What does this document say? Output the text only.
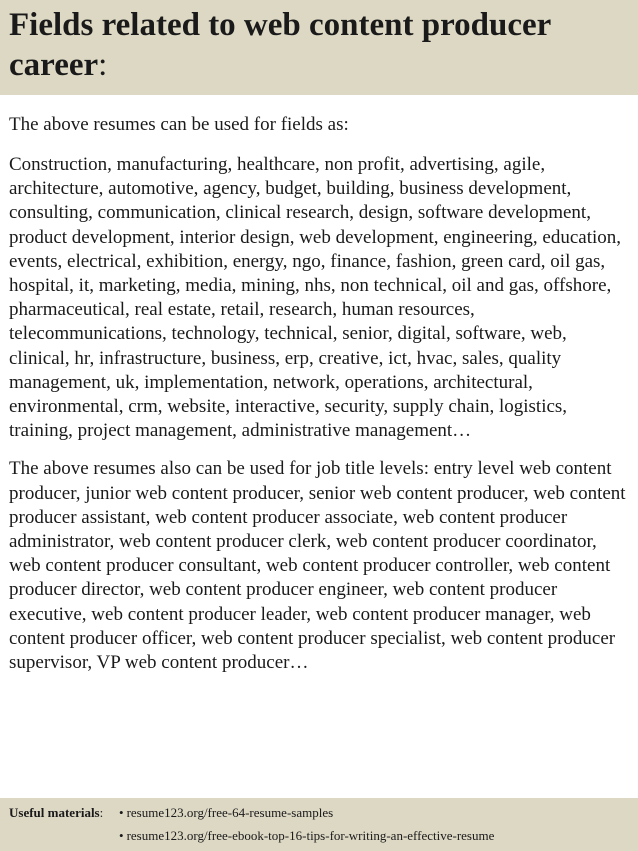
Fields related to web content producer career:

The above resumes can be used for fields as:

Construction, manufacturing, healthcare, non profit, advertising, agile, architecture, automotive, agency, budget, building, business development, consulting, communication, clinical research, design, software development, product development, interior design, web development, engineering, education, events, electrical, exhibition, energy, ngo, finance, fashion, green card, oil gas, hospital, it, marketing, media, mining, nhs, non technical, oil and gas, offshore, pharmaceutical, real estate, retail, research, human resources, telecommunications, technology, technical, senior, digital, software, web, clinical, hr, infrastructure, business, erp, creative, ict, hvac, sales, quality management, uk, implementation, network, operations, architectural, environmental, crm, website, interactive, security, supply chain, logistics, training, project management, administrative management…

The above resumes also can be used for job title levels: entry level web content producer, junior web content producer, senior web content producer, web content producer assistant, web content producer associate, web content producer administrator, web content producer clerk, web content producer coordinator, web content producer consultant, web content producer controller, web content producer director, web content producer engineer, web content producer executive, web content producer leader, web content producer manager, web content producer officer, web content producer specialist, web content producer supervisor, VP web content producer…

Useful materials: • resume123.org/free-64-resume-samples
• resume123.org/free-ebook-top-16-tips-for-writing-an-effective-resume
